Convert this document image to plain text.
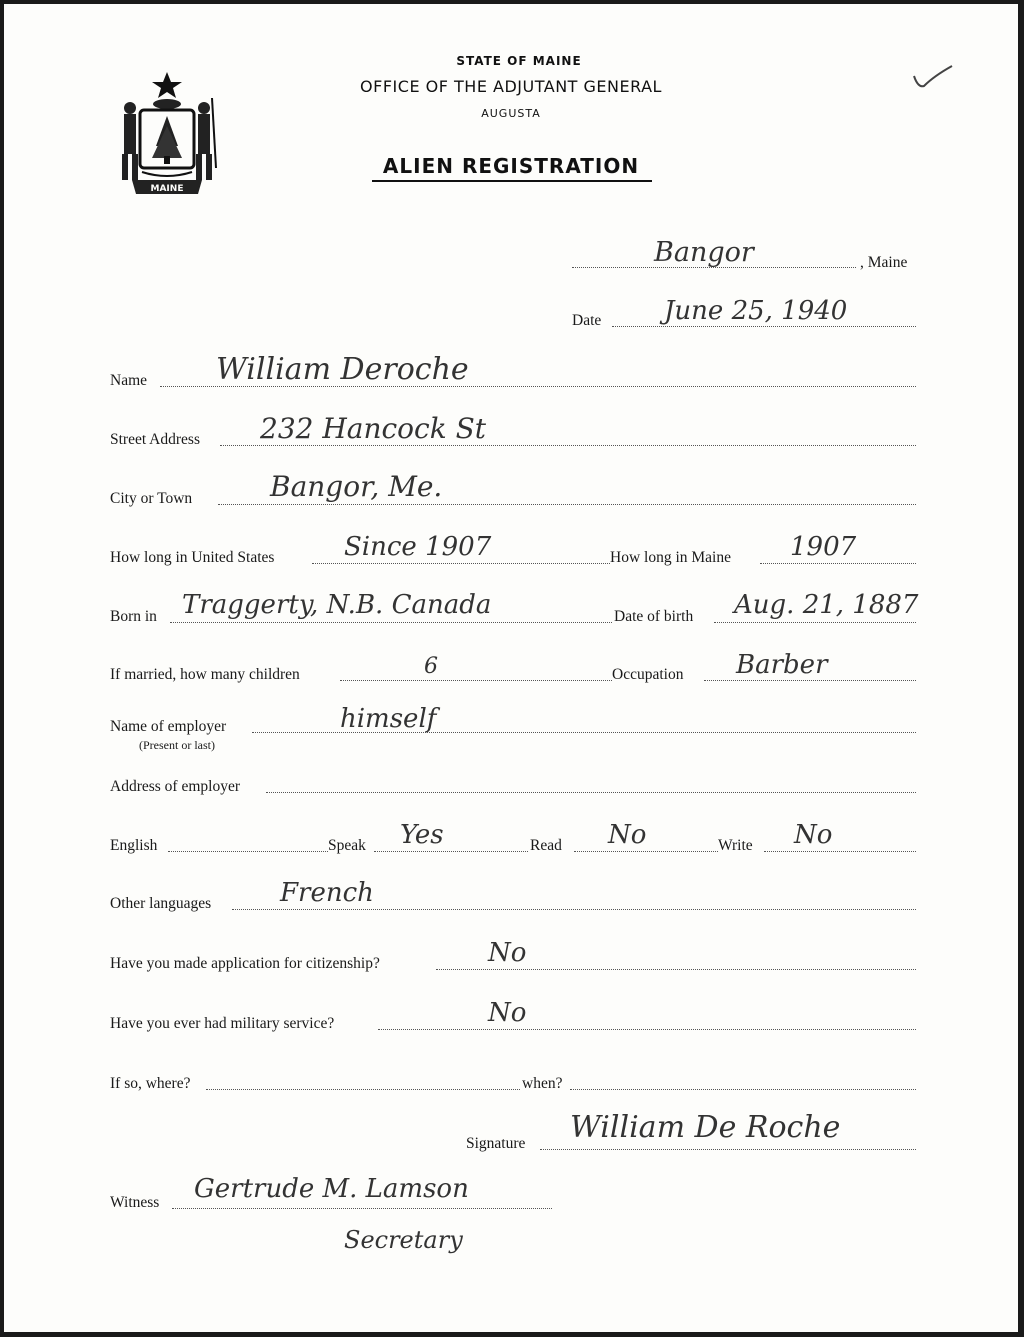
MAINE
STATE OF MAINE
OFFICE OF THE ADJUTANT GENERAL
AUGUSTA
ALIEN REGISTRATION
Bangor	, Maine
Date June 25, 1940
Name William Deroche
Street Address 232 Hancock St
City or Town	Bangor, Me.
How long in United States	Since 1907	How long in Maine 1907
Born in Traggerty, N.B. Canada	Date of birth Aug. 21, 1887
If married, how many children	6	Occupation Barber
Name of employer	himself
(Present or last)
Address of employer
English	Speak Yes	Read No	Write No
Other languages	French
Have you made application for citizenship?	No
Have you ever had military service?	No
If so, where?	when?
Signature William De Roche
Witness Gertrude M. Lamson
Secretary
